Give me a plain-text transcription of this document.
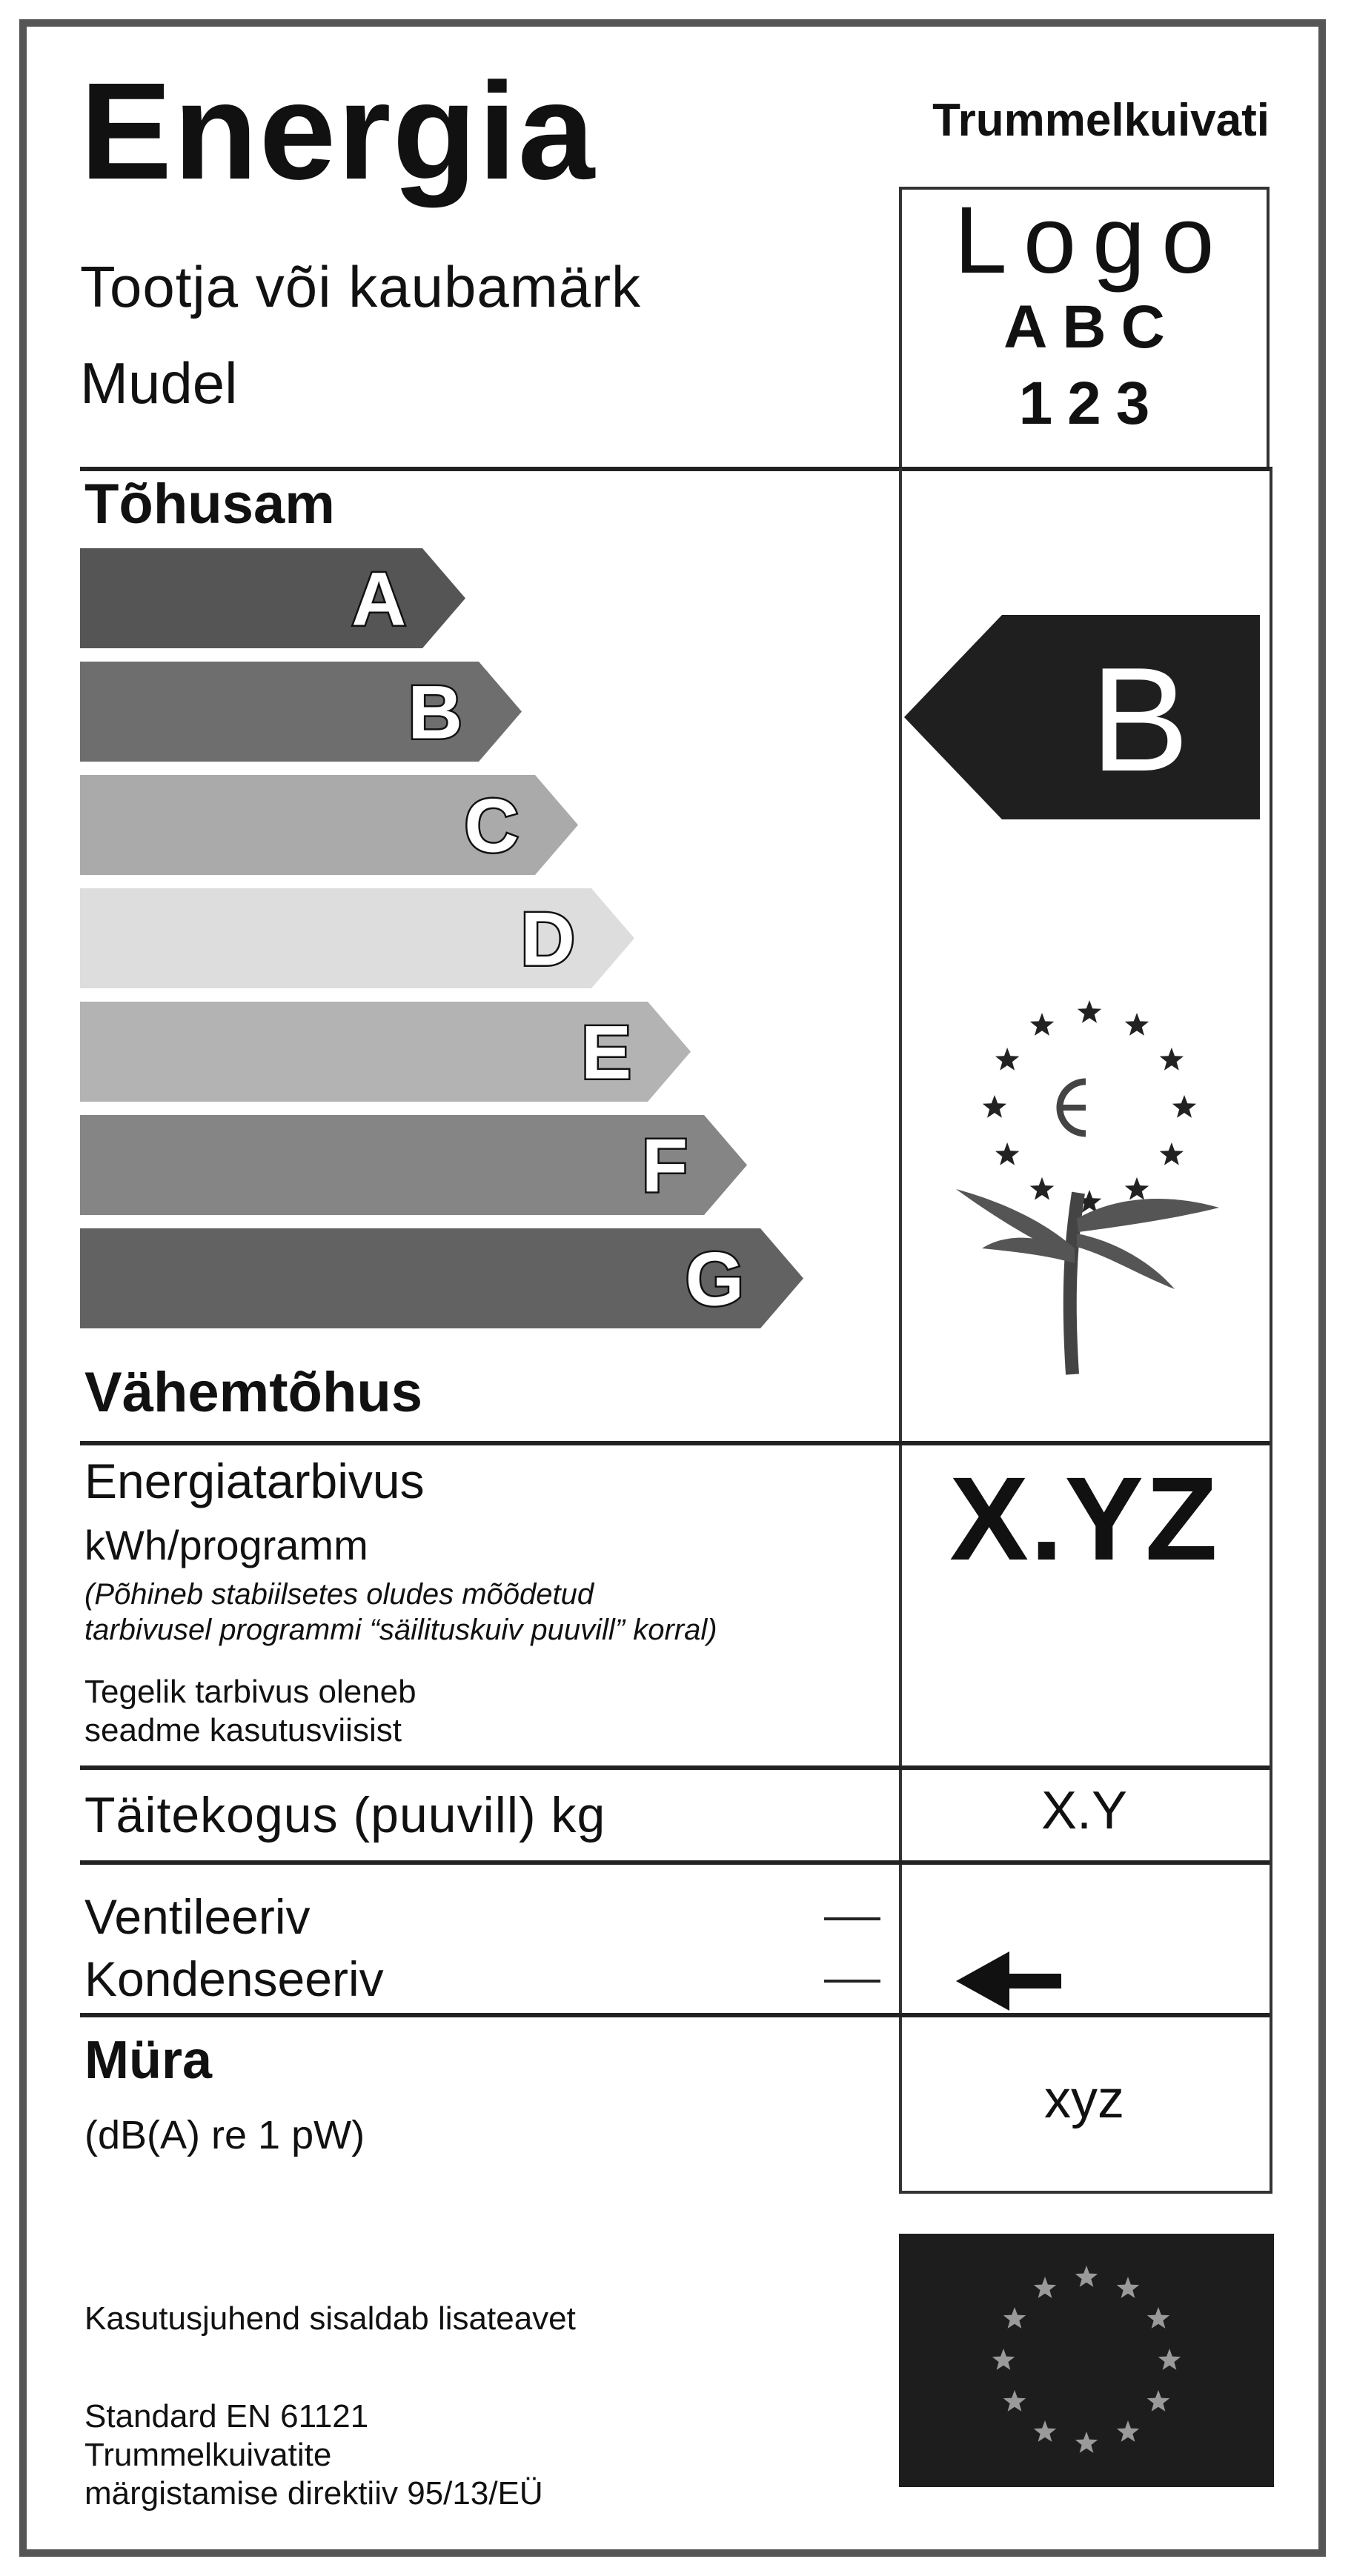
Energia	Trummelkuivati
Tootja või kaubamärk
Mudel
Logo
ABC
123
Tõhusam
Vähemtõhus
A
B
C
D
E
F
G
B
Energiatarbivus
kWh/programm
(Põhineb stabiilsetes oludes mõõdetud
tarbivusel programmi “säilituskuiv puuvill” korral)
Tegelik tarbivus oleneb
seadme kasutusviisist
X.YZ
Täitekogus (puuvill) kg	X.Y
Ventileeriv
Kondenseeriv
Müra
(dB(A) re 1 pW)
xyz
Kasutusjuhend sisaldab lisateavet
Standard EN 61121
Trummelkuivatite
märgistamise direktiiv 95/13/EÜ
